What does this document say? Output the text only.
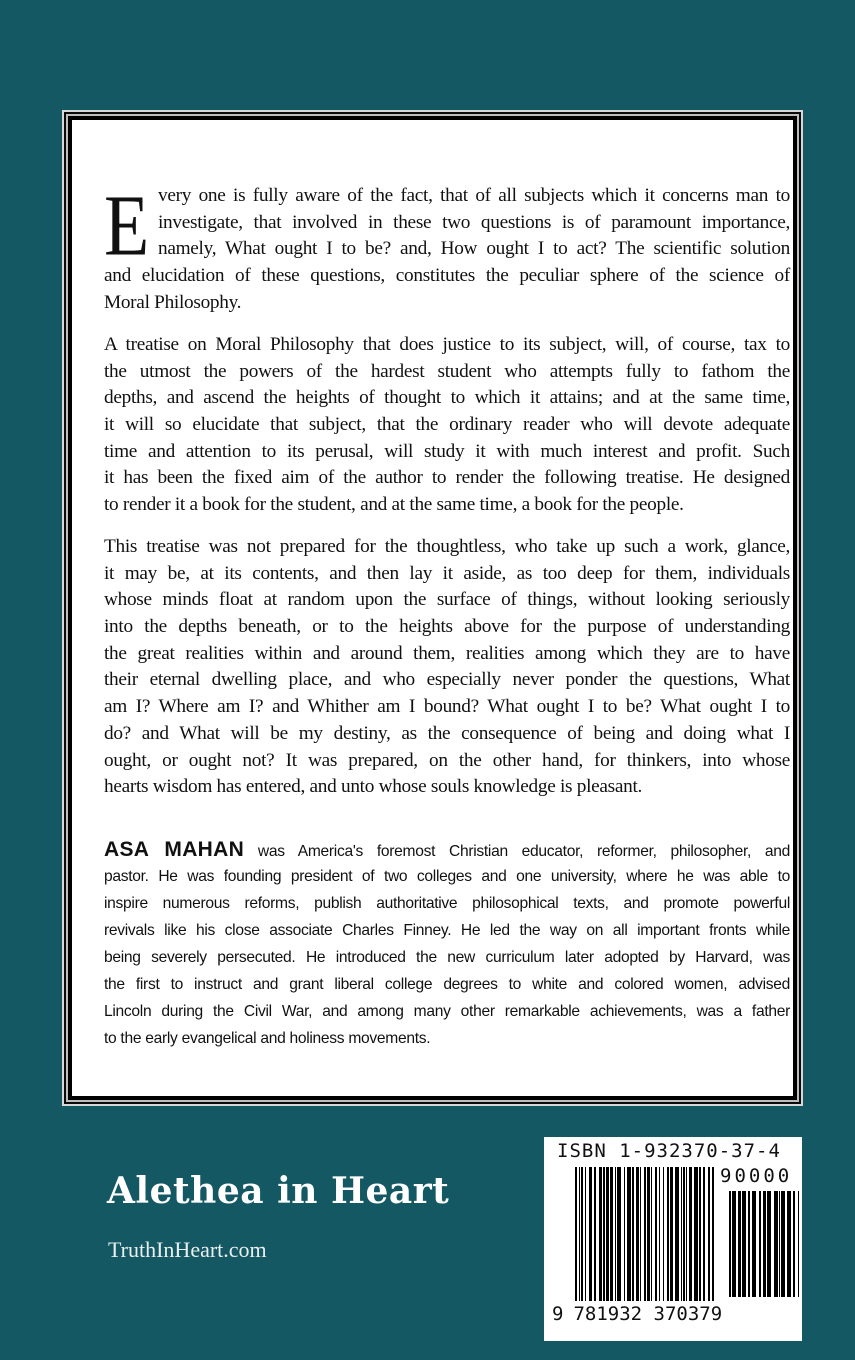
E very one is fully aware of the fact, that of all subjects which it concerns man to
investigate, that involved in these two questions is of paramount importance,
namely, What ought I to be? and, How ought I to act? The scientific solution
and elucidation of these questions, constitutes the peculiar sphere of the science of
Moral Philosophy.
A treatise on Moral Philosophy that does justice to its subject, will, of course, tax to
the utmost the powers of the hardest student who attempts fully to fathom the
depths, and ascend the heights of thought to which it attains; and at the same time,
it will so elucidate that subject, that the ordinary reader who will devote adequate
time and attention to its perusal, will study it with much interest and profit. Such
it has been the fixed aim of the author to render the following treatise. He designed
to render it a book for the student, and at the same time, a book for the people.
This treatise was not prepared for the thoughtless, who take up such a work, glance,
it may be, at its contents, and then lay it aside, as too deep for them, individuals
whose minds float at random upon the surface of things, without looking seriously
into the depths beneath, or to the heights above for the purpose of understanding
the great realities within and around them, realities among which they are to have
their eternal dwelling place, and who especially never ponder the questions, What
am I? Where am I? and Whither am I bound? What ought I to be? What ought I to
do? and What will be my destiny, as the consequence of being and doing what I
ought, or ought not? It was prepared, on the other hand, for thinkers, into whose
hearts wisdom has entered, and unto whose souls knowledge is pleasant.
ASA MAHAN was America's foremost Christian educator, reformer, philosopher, and
pastor. He was founding president of two colleges and one university, where he was able to
inspire numerous reforms, publish authoritative philosophical texts, and promote powerful
revivals like his close associate Charles Finney. He led the way on all important fronts while
being severely persecuted. He introduced the new curriculum later adopted by Harvard, was
the first to instruct and grant liberal college degrees to white and colored women, advised
Lincoln during the Civil War, and among many other remarkable achievements, was a father
to the early evangelical and holiness movements.
Alethea in Heart
TruthInHeart.com
ISBN 1-932370-37-4
90000
9 781932 370379
